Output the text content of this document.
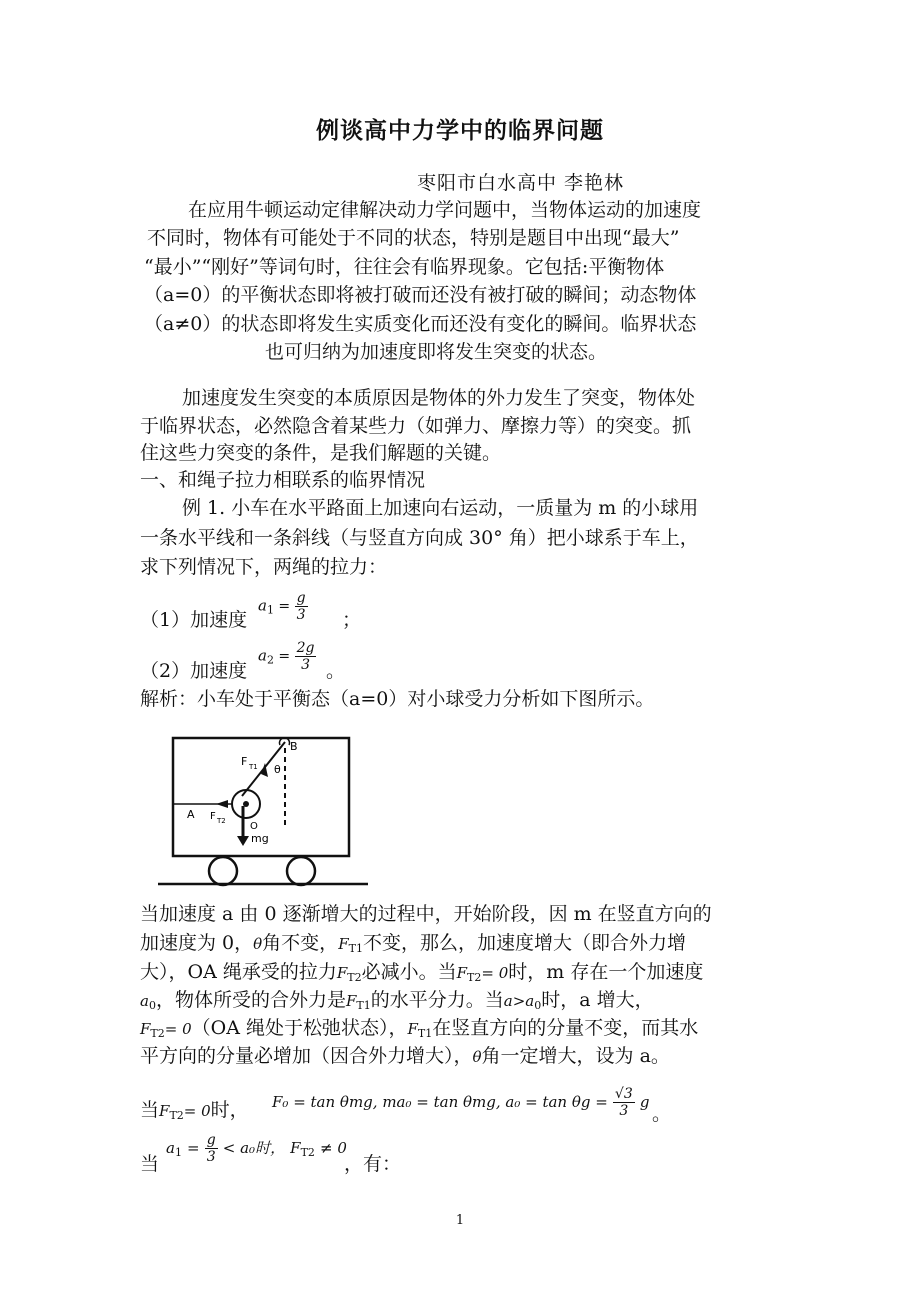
例谈高中力学中的临界问题
枣阳市白水高中 李艳林
在应用牛顿运动定律解决动力学问题中，当物体运动的加速度
不同时，物体有可能处于不同的状态，特别是题目中出现“最大”
“最小”“刚好”等词句时，往往会有临界现象。它包括:平衡物体
（a=0）的平衡状态即将被打破而还没有被打破的瞬间；动态物体
（a≠0）的状态即将发生实质变化而还没有变化的瞬间。临界状态
也可归纳为加速度即将发生突变的状态。
加速度发生突变的本质原因是物体的外力发生了突变，物体处
于临界状态，必然隐含着某些力（如弹力、摩擦力等）的突变。抓
住这些力突变的条件，是我们解题的关键。
一、和绳子拉力相联系的临界情况
例 1. 小车在水平路面上加速向右运动，一质量为 m 的小球用
一条水平线和一条斜线（与竖直方向成 30° 角）把小球系于车上，
求下列情况下，两绳的拉力：
（1）加速度
$a_1 = \frac{g}{3}$ ；
（2）加速度
$a_2 = \frac{2g}{3}$ 。
解析：小车处于平衡态（a=0）对小球受力分析如下图所示。
B
F T1 θ
A F T2 O
mg
当加速度 a 由 0 逐渐增大的过程中，开始阶段，因 m 在竖直方向的
加速度为 0，θ角不变，$F_{T1}$不变，那么，加速度增大（即合外力增
大），OA 绳承受的拉力$F_{T2}$必减小。当$F_{T2}= 0$时，m 存在一个加速度
$a_0$，物体所受的合外力是$F_{T1}$的水平分力。当$a>a_0$时，a 增大，
$F_{T2}= 0(OA$ 绳处于松弛状态），$F_{T1}$在竖直方向的分量不变，而其水
平方向的分量必增加（因合外力增大），θ角一定增大，设为 a。
当$F_{T2}= 0$时， F₀ = tan θmg, ma₀ = tan θmg, $a_0 = \tan \theta g = \frac{√3}{3}$ g
。
当
$a_1 = \frac{g}{3} < a_0$时， $F_{T2} \ne 0$
，有：
1
